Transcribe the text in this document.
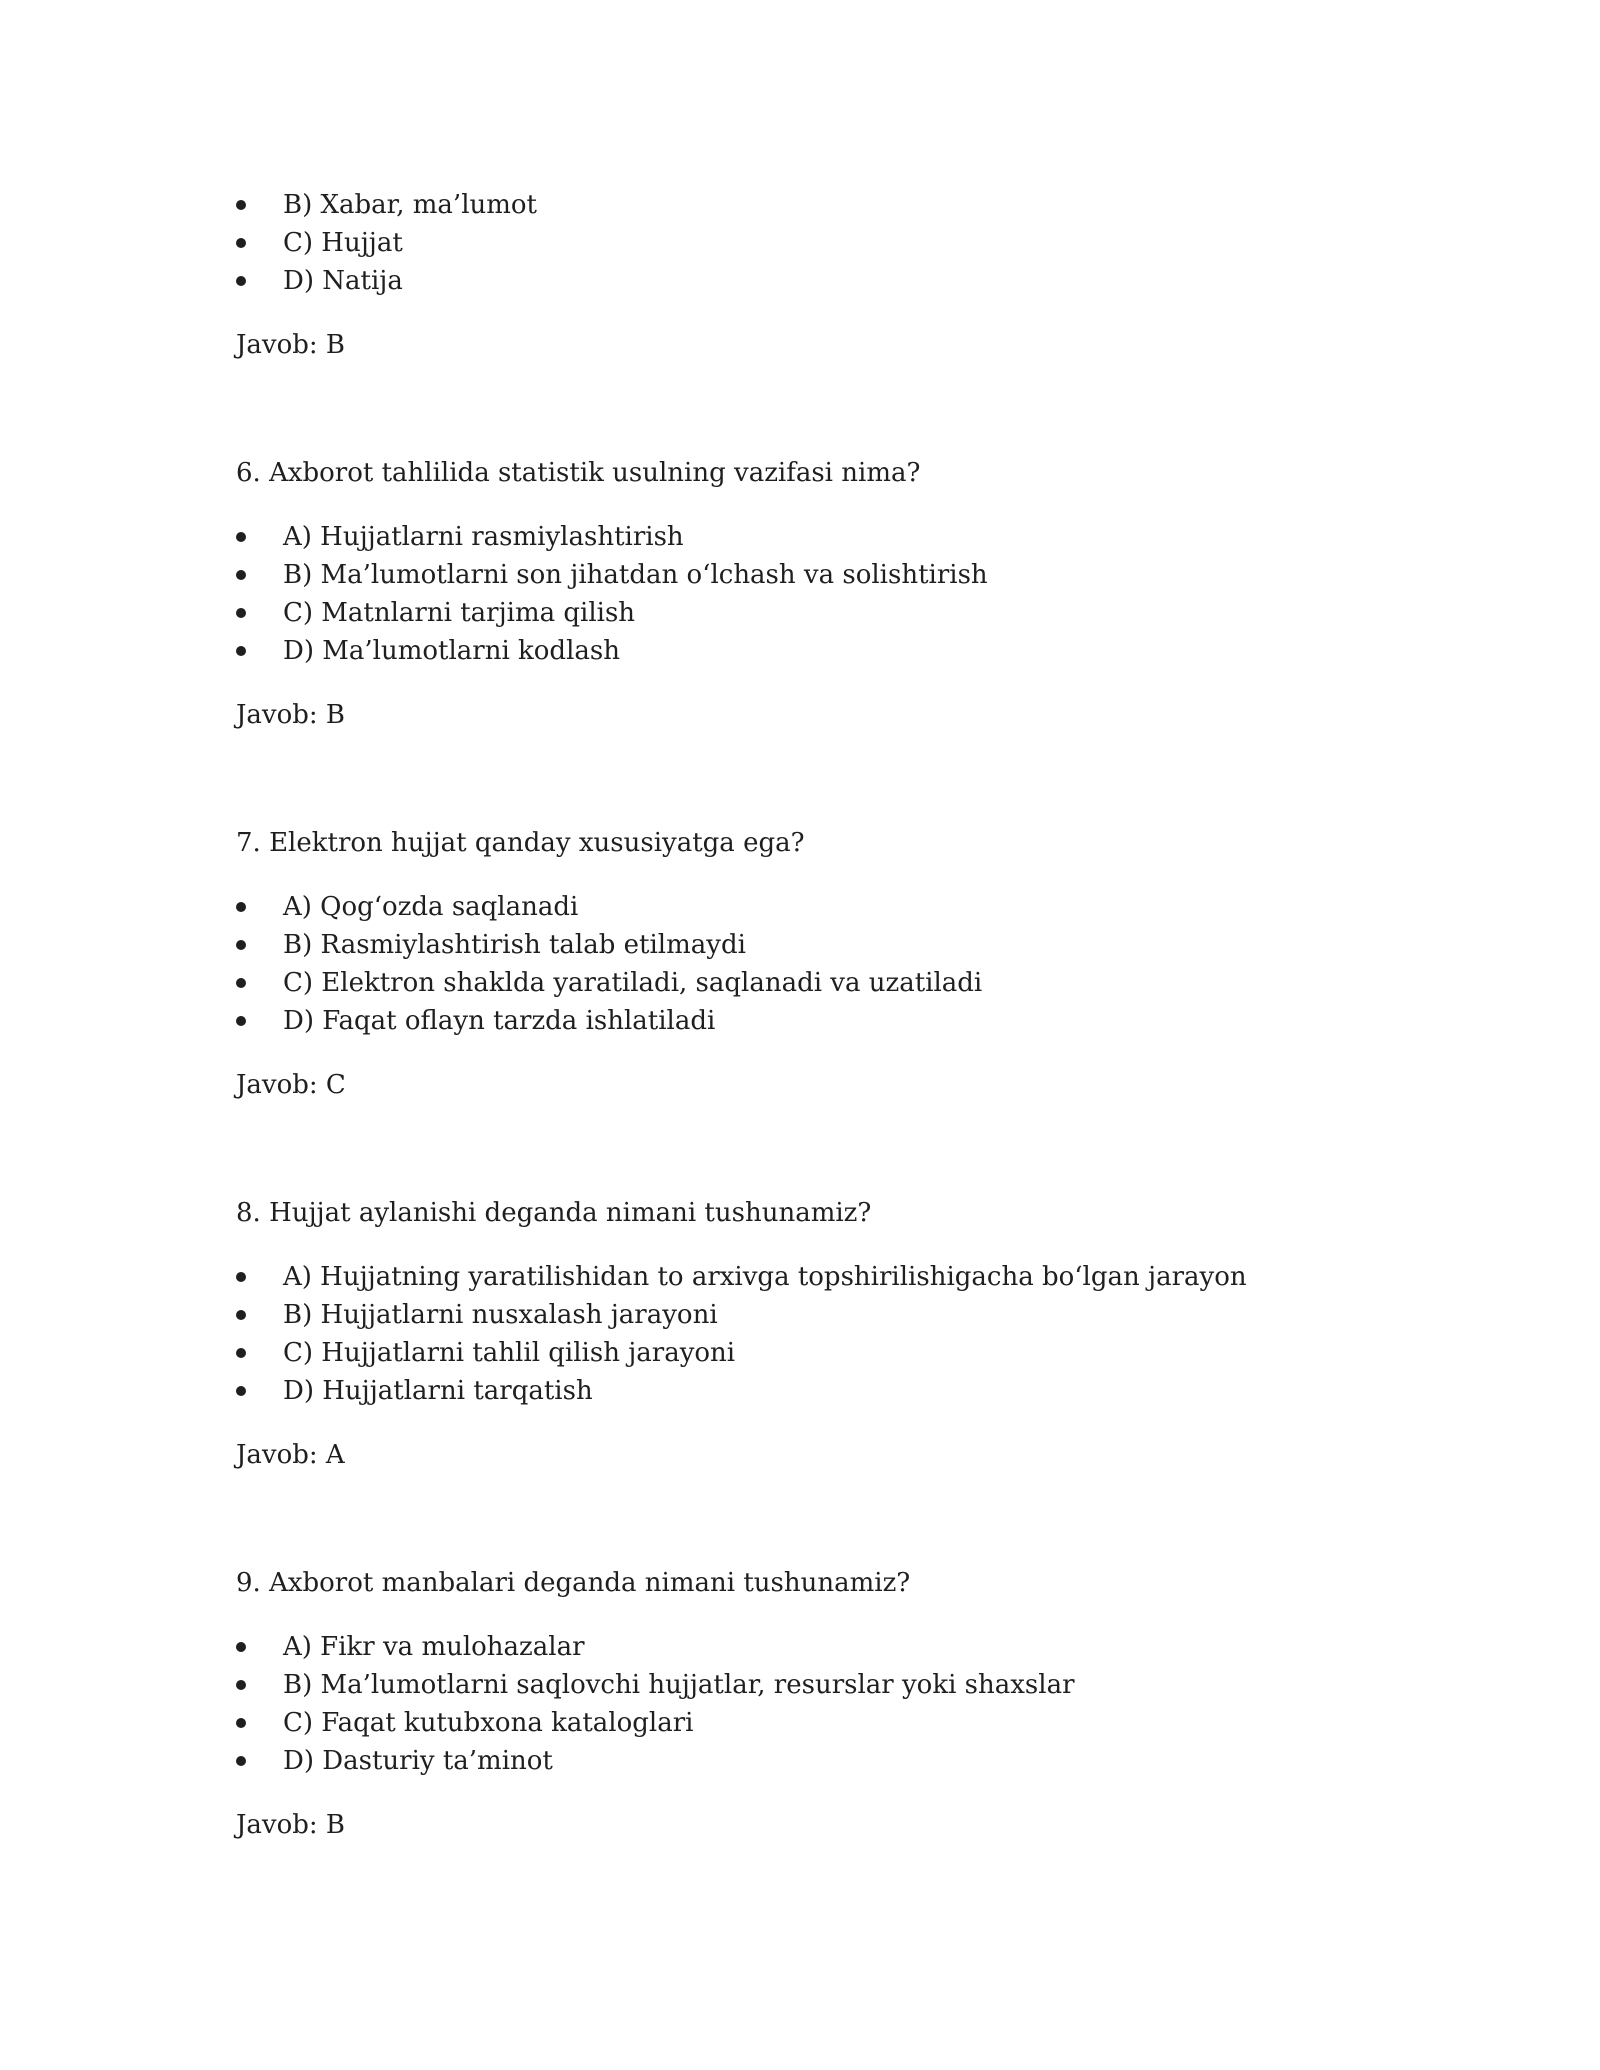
B) Xabar, ma’lumot
C) Hujjat
D) Natija

Javob: B

6. Axborot tahlilida statistik usulning vazifasi nima?

A) Hujjatlarni rasmiylashtirish
B) Ma’lumotlarni son jihatdan o‘lchash va solishtirish
C) Matnlarni tarjima qilish
D) Ma’lumotlarni kodlash

Javob: B

7. Elektron hujjat qanday xususiyatga ega?

A) Qog‘ozda saqlanadi
B) Rasmiylashtirish talab etilmaydi
C) Elektron shaklda yaratiladi, saqlanadi va uzatiladi
D) Faqat oflayn tarzda ishlatiladi

Javob: C

8. Hujjat aylanishi deganda nimani tushunamiz?

A) Hujjatning yaratilishidan to arxivga topshirilishigacha bo‘lgan jarayon
B) Hujjatlarni nusxalash jarayoni
C) Hujjatlarni tahlil qilish jarayoni
D) Hujjatlarni tarqatish

Javob: A

9. Axborot manbalari deganda nimani tushunamiz?

A) Fikr va mulohazalar
B) Ma’lumotlarni saqlovchi hujjatlar, resurslar yoki shaxslar
C) Faqat kutubxona kataloglari
D) Dasturiy ta’minot

Javob: B
